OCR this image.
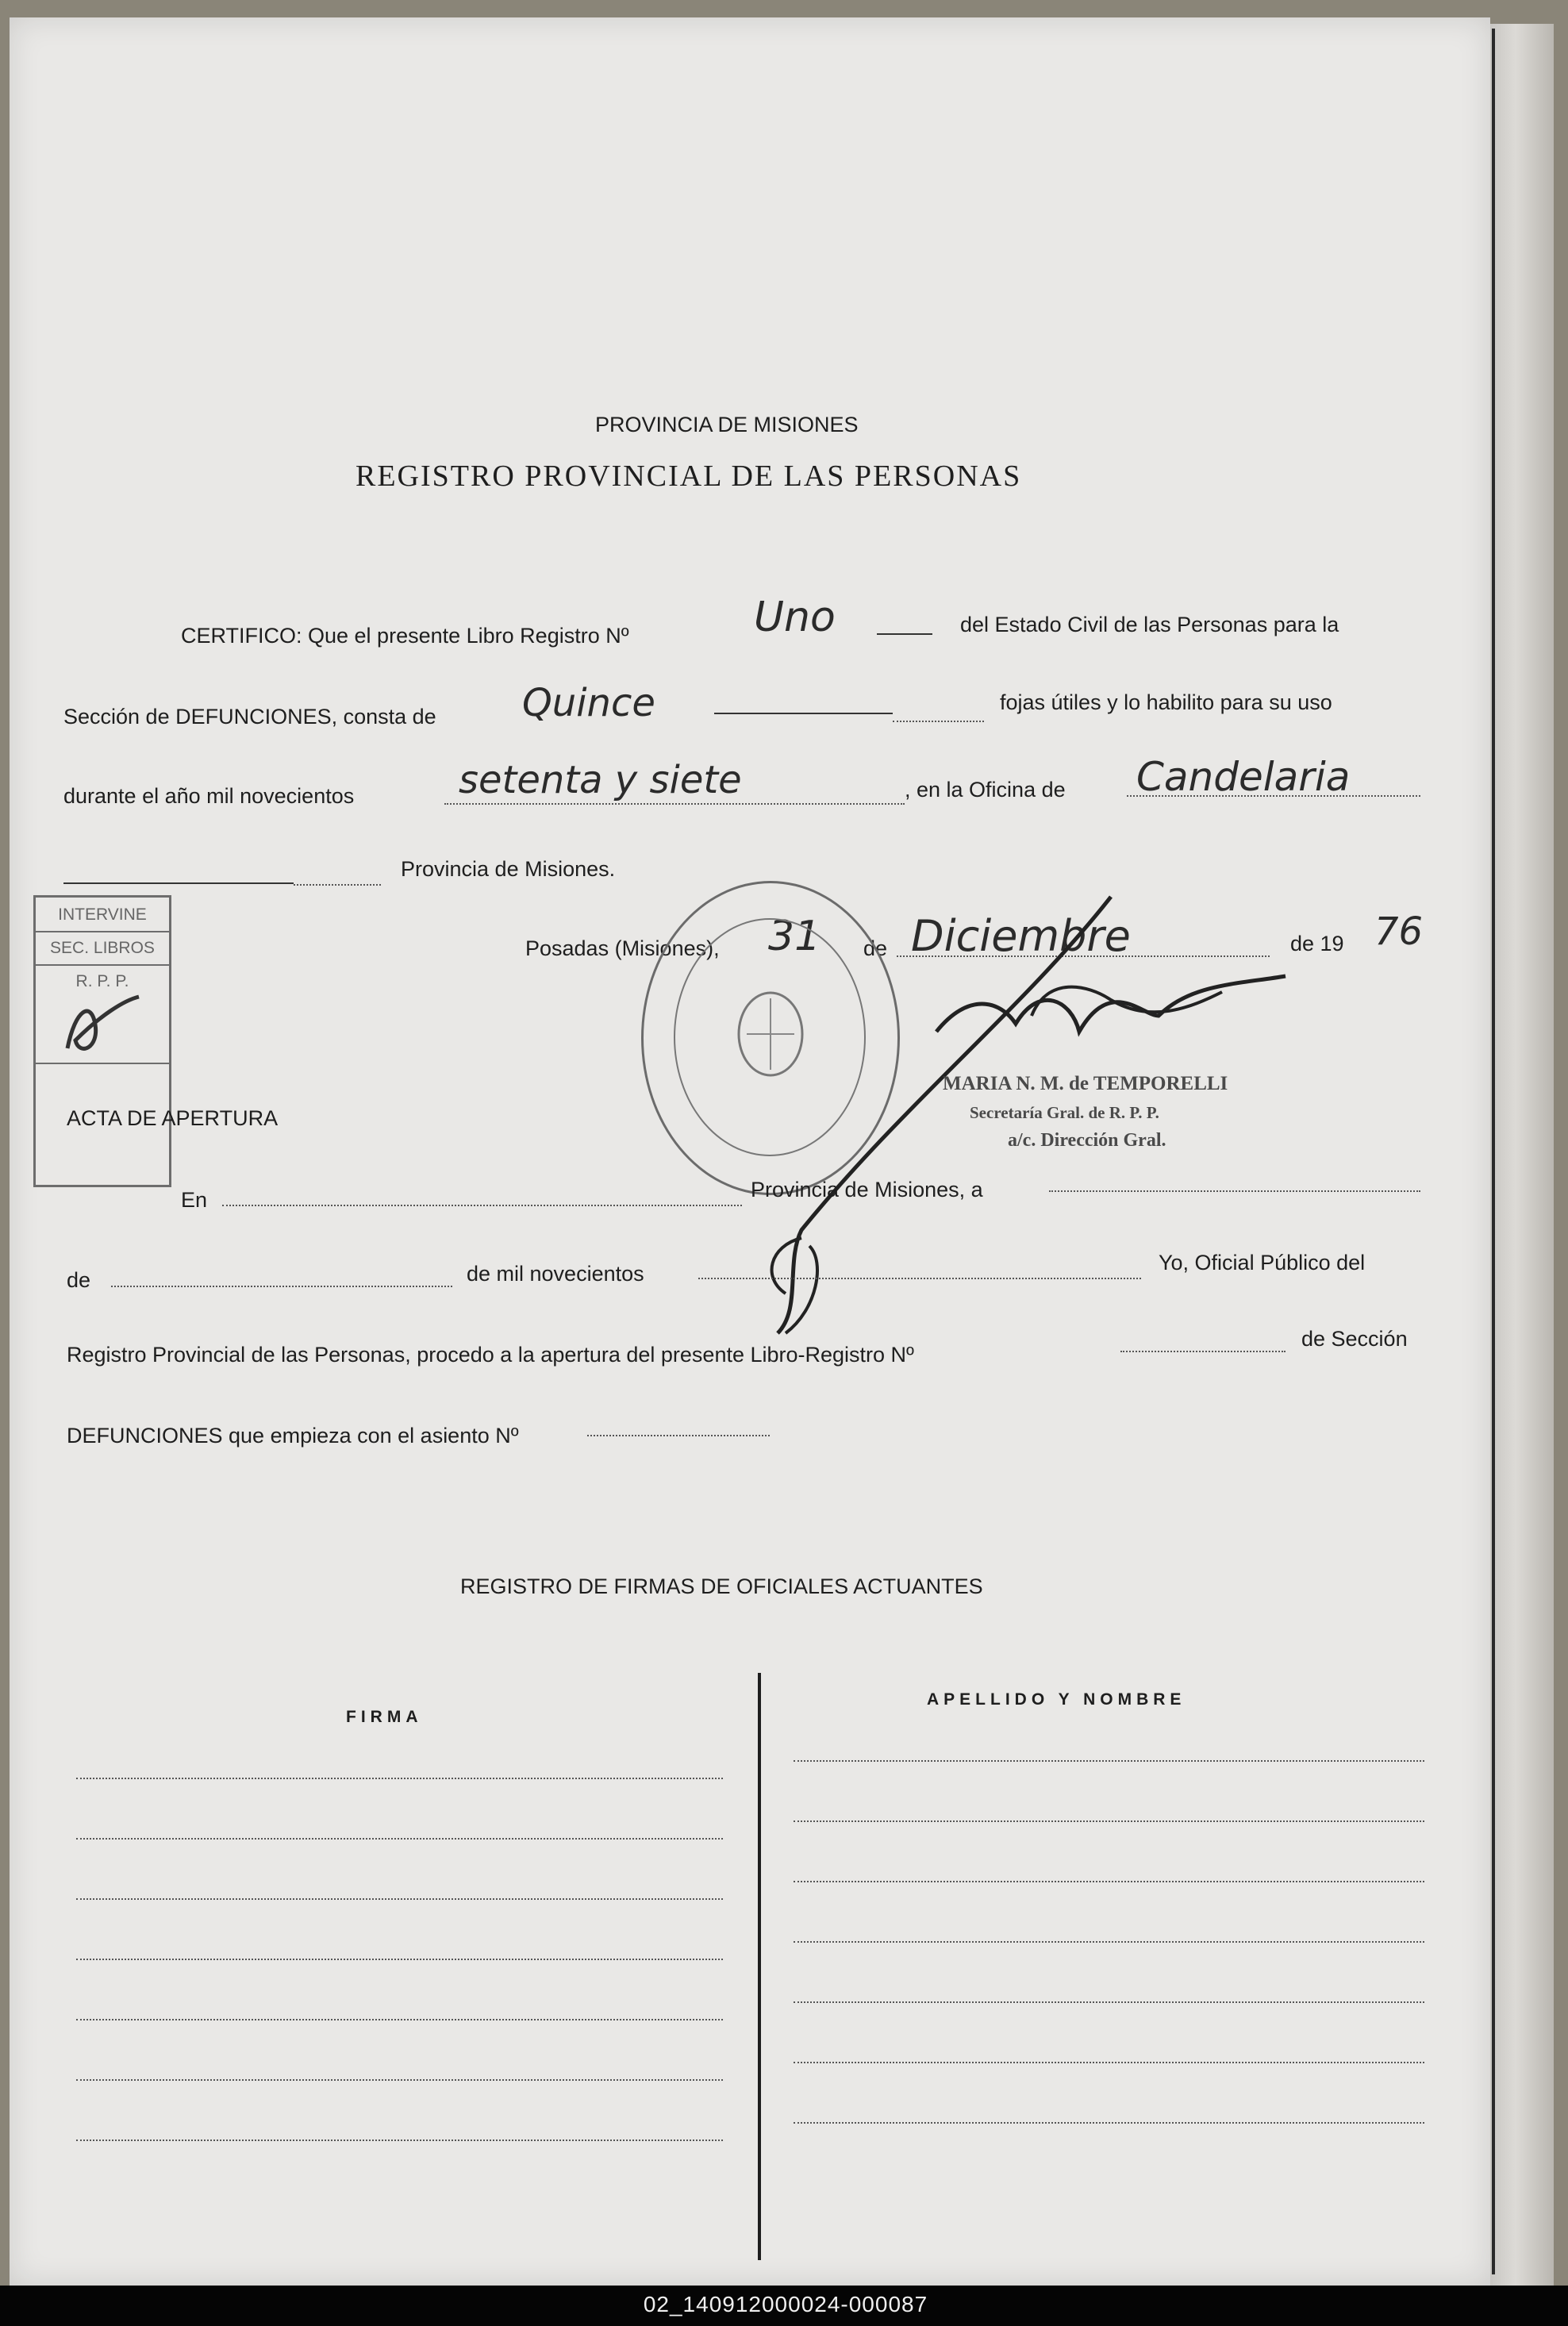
PROVINCIA DE MISIONES
REGISTRO PROVINCIAL DE LAS PERSONAS
CERTIFICO: Que el presente Libro Registro Nº	Uno	del Estado Civil de las Personas para la
Sección de DEFUNCIONES, consta de Quince	fojas útiles y lo habilito para su uso
durante el año mil novecientos	setenta y siete	, en la Oficina de Candelaria
Provincia de Misiones.
Posadas (Misiones), 31 de Diciembre	de 19 76
INTERVINE
SEC. LIBROS
R. P. P.
MARIA N. M. de TEMPORELLI
Secretaría Gral. de R. P. P.
a/c. Dirección Gral.
ACTA DE APERTURA
En	Provincia de Misiones, a
de	de mil novecientos	Yo, Oficial Público del
Registro Provincial de las Personas, procedo a la apertura del presente Libro-Registro Nº
de Sección
DEFUNCIONES que empieza con el asiento Nº
REGISTRO DE FIRMAS DE OFICIALES ACTUANTES
FIRMA
APELLIDO Y NOMBRE
02_140912000024-000087
